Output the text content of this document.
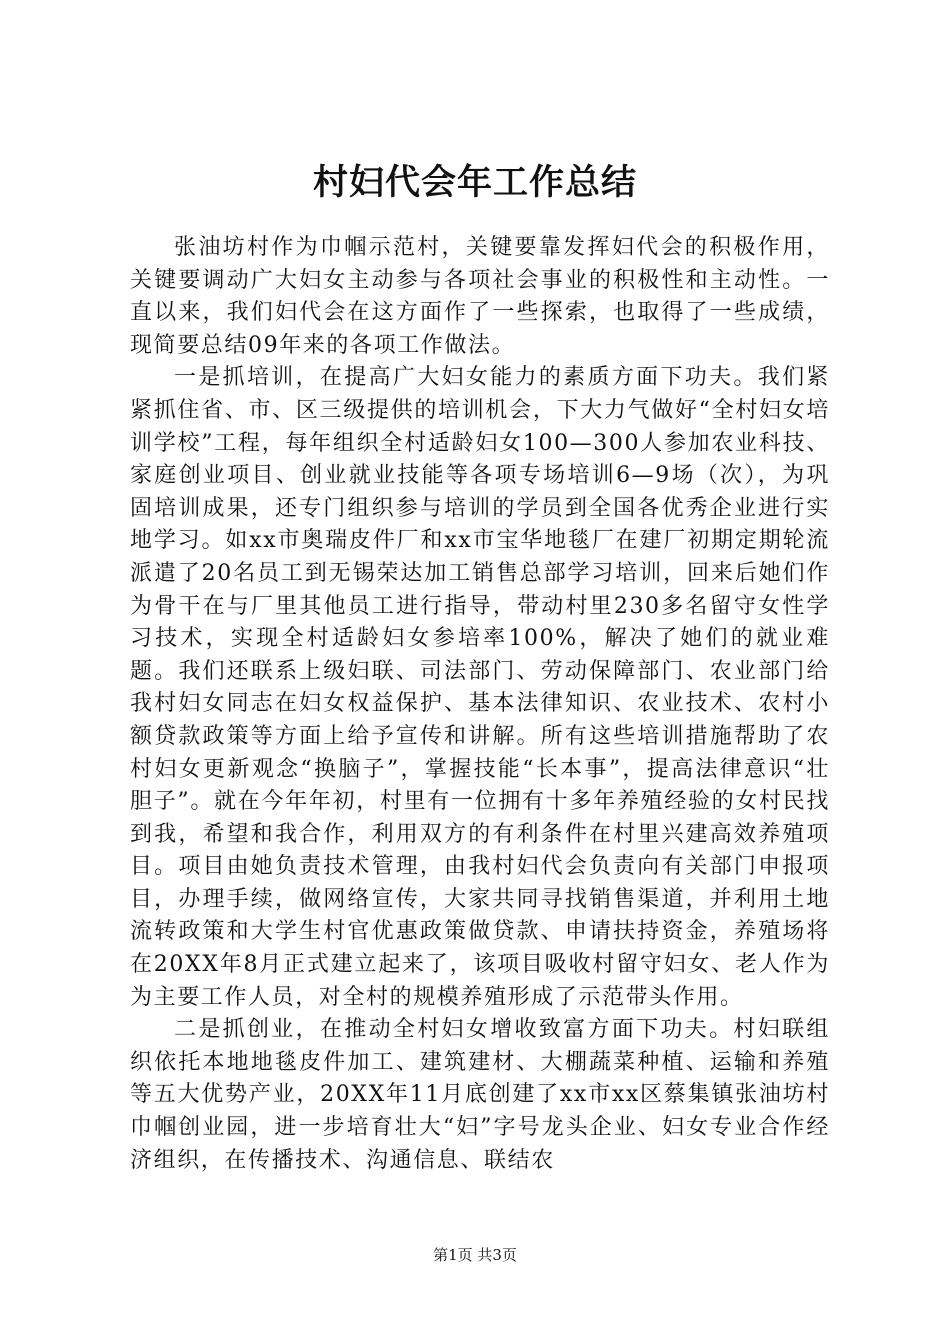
村妇代会年工作总结

张油坊村作为巾帼示范村，关键要靠发挥妇代会的积极作用，关键要调动广大妇女主动参与各项社会事业的积极性和主动性。一直以来，我们妇代会在这方面作了一些探索，也取得了一些成绩，现简要总结09年来的各项工作做法。

一是抓培训，在提高广大妇女能力的素质方面下功夫。我们紧紧抓住省、市、区三级提供的培训机会，下大力气做好“全村妇女培训学校”工程，每年组织全村适龄妇女100—300人参加农业科技、家庭创业项目、创业就业技能等各项专场培训6—9场（次），为巩固培训成果，还专门组织参与培训的学员到全国各优秀企业进行实地学习。如xx市奥瑞皮件厂和xx市宝华地毯厂在建厂初期定期轮流派遣了20名员工到无锡荣达加工销售总部学习培训，回来后她们作为骨干在与厂里其他员工进行指导，带动村里230多名留守女性学习技术，实现全村适龄妇女参培率100%，解决了她们的就业难题。我们还联系上级妇联、司法部门、劳动保障部门、农业部门给我村妇女同志在妇女权益保护、基本法律知识、农业技术、农村小额贷款政策等方面上给予宣传和讲解。所有这些培训措施帮助了农村妇女更新观念“换脑子”，掌握技能“长本事”，提高法律意识“壮胆子”。就在今年年初，村里有一位拥有十多年养殖经验的女村民找到我，希望和我合作，利用双方的有利条件在村里兴建高效养殖项目。项目由她负责技术管理，由我村妇代会负责向有关部门申报项目，办理手续，做网络宣传，大家共同寻找销售渠道，并利用土地流转政策和大学生村官优惠政策做贷款、申请扶持资金，养殖场将在20XX年8月正式建立起来了，该项目吸收村留守妇女、老人作为为主要工作人员，对全村的规模养殖形成了示范带头作用。

二是抓创业，在推动全村妇女增收致富方面下功夫。村妇联组织依托本地地毯皮件加工、建筑建材、大棚蔬菜种植、运输和养殖等五大优势产业，20XX年11月底创建了xx市xx区蔡集镇张油坊村巾帼创业园，进一步培育壮大“妇”字号龙头企业、妇女专业合作经济组织，在传播技术、沟通信息、联结农

第1页 共3页
